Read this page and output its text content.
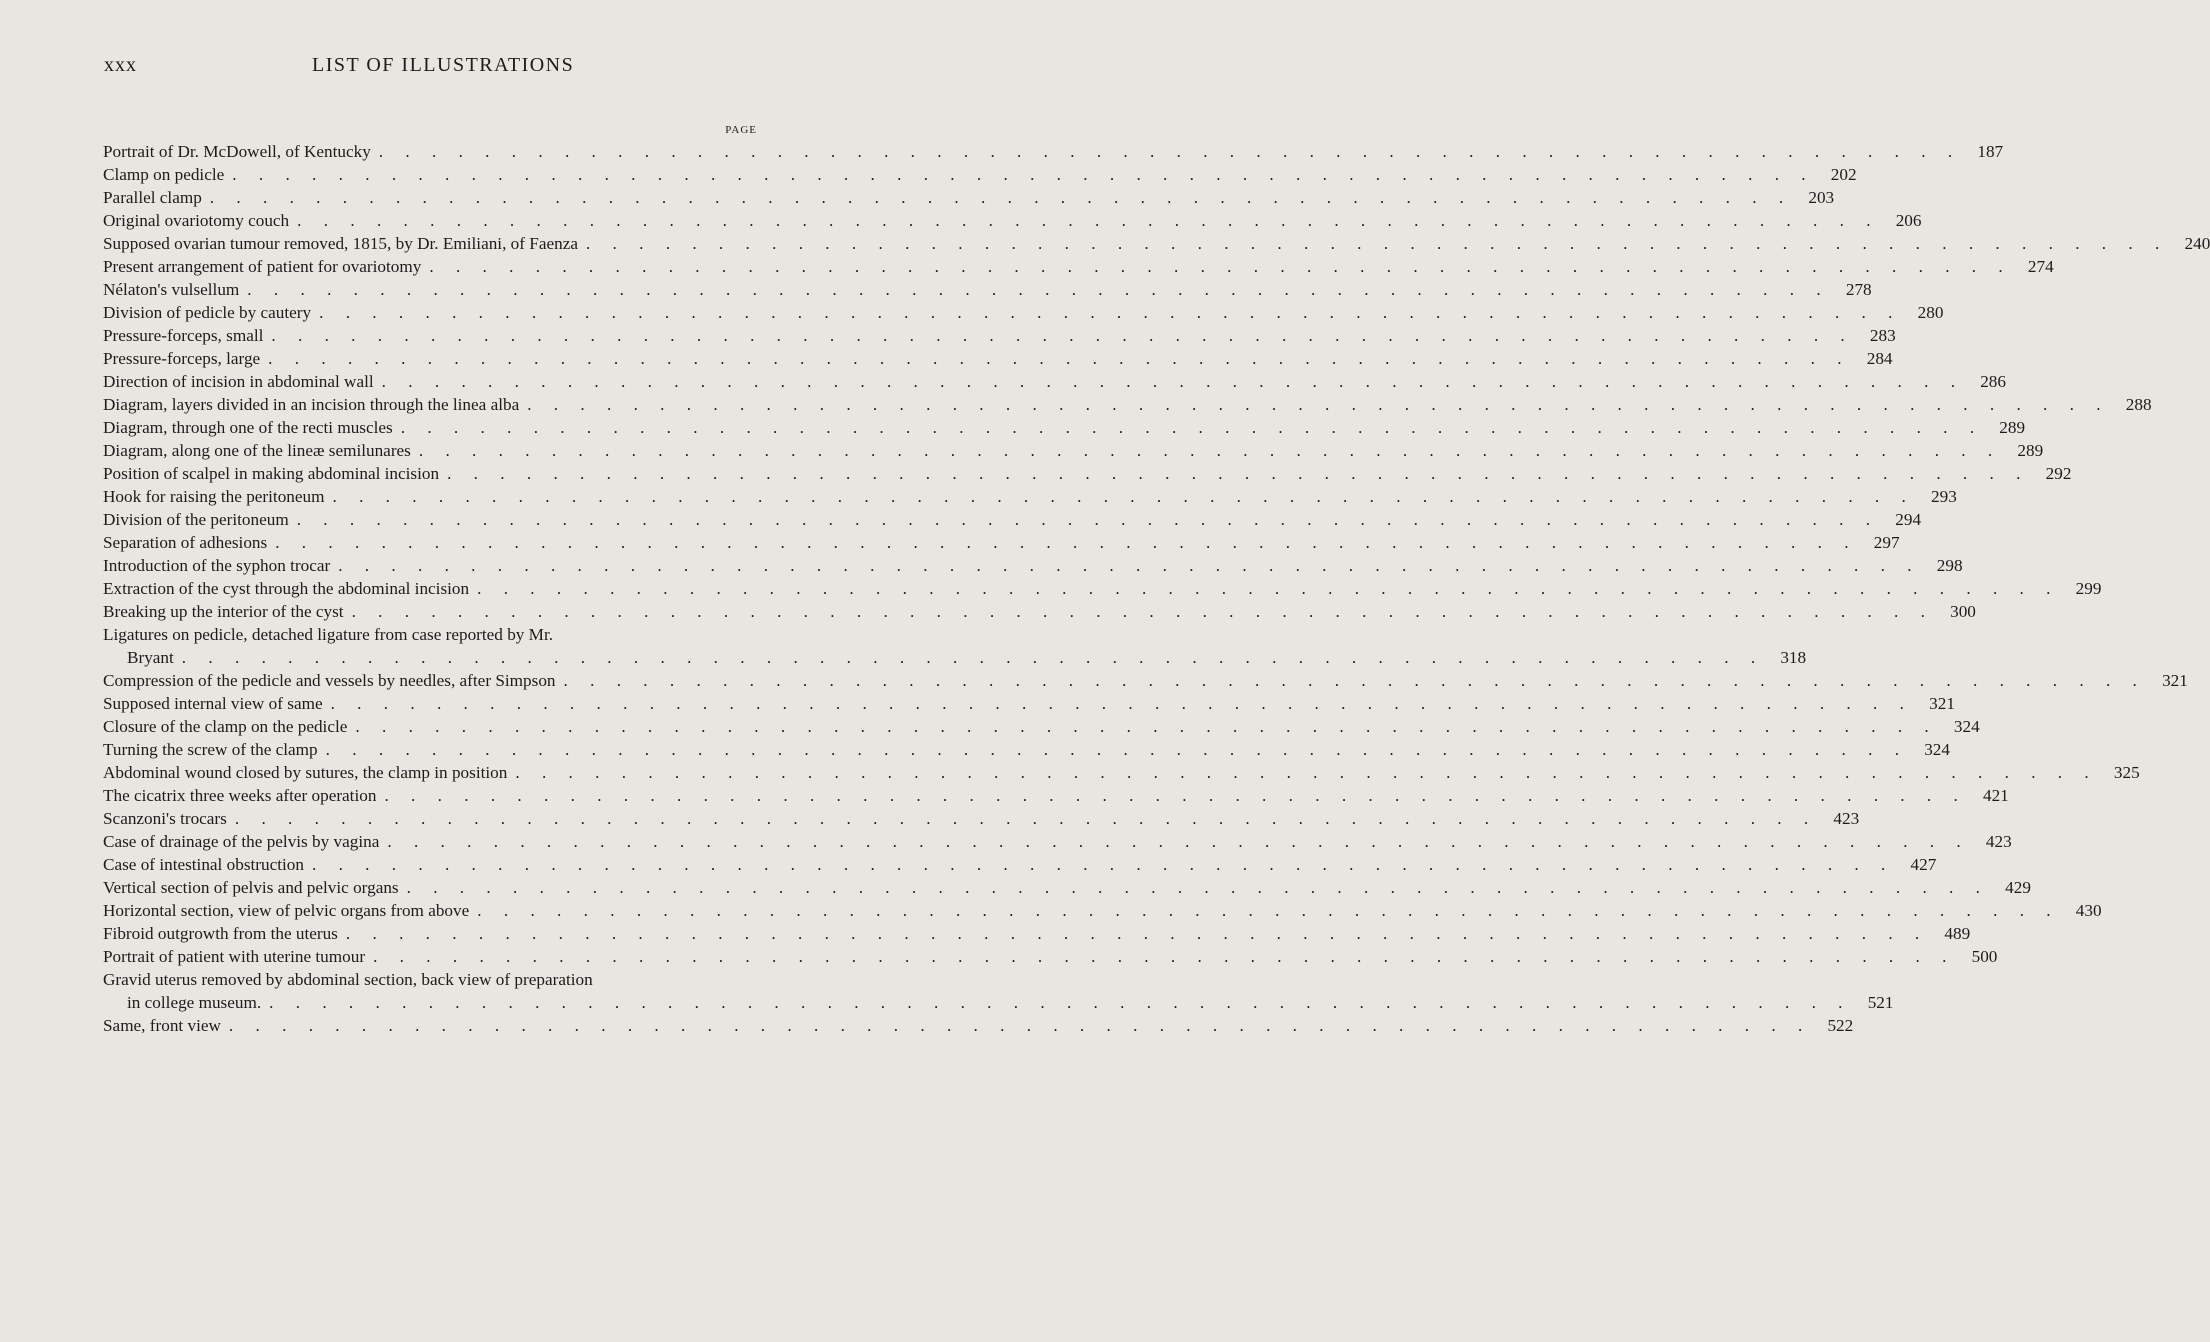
xxx	LIST OF ILLUSTRATIONS
PAGE
Portrait of Dr. McDowell, of Kentucky . . . . . . . . . . . . . . . . . . . . . . . . . . . . . . . . . . . . . . . . . . . . . . . . . . . . . . . . . . . . 187
Clamp on pedicle . . . . . . . . . . . . . . . . . . . . . . . . . . . . . . . . . . . . . . . . . . . . . . . . . . . . . . . . . . . . 202
Parallel clamp . . . . . . . . . . . . . . . . . . . . . . . . . . . . . . . . . . . . . . . . . . . . . . . . . . . . . . . . . . . . 203
Original ovariotomy couch . . . . . . . . . . . . . . . . . . . . . . . . . . . . . . . . . . . . . . . . . . . . . . . . . . . . . . . . . . . . 206
Supposed ovarian tumour removed, 1815, by Dr. Emiliani, of Faenza . . . . . . . . . . . . . . . . . . . . . . . . . . . . . . . . . . . . . . . . . . . . . . . . . . . . . . . . . . . . 240
Present arrangement of patient for ovariotomy . . . . . . . . . . . . . . . . . . . . . . . . . . . . . . . . . . . . . . . . . . . . . . . . . . . . . . . . . . . . 274
Nélaton's vulsellum . . . . . . . . . . . . . . . . . . . . . . . . . . . . . . . . . . . . . . . . . . . . . . . . . . . . . . . . . . . . 278
Division of pedicle by cautery . . . . . . . . . . . . . . . . . . . . . . . . . . . . . . . . . . . . . . . . . . . . . . . . . . . . . . . . . . . . 280
Pressure-forceps, small . . . . . . . . . . . . . . . . . . . . . . . . . . . . . . . . . . . . . . . . . . . . . . . . . . . . . . . . . . . . 283
Pressure-forceps, large . . . . . . . . . . . . . . . . . . . . . . . . . . . . . . . . . . . . . . . . . . . . . . . . . . . . . . . . . . . . 284
Direction of incision in abdominal wall . . . . . . . . . . . . . . . . . . . . . . . . . . . . . . . . . . . . . . . . . . . . . . . . . . . . . . . . . . . . 286
Diagram, layers divided in an incision through the linea alba . . . . . . . . . . . . . . . . . . . . . . . . . . . . . . . . . . . . . . . . . . . . . . . . . . . . . . . . . . . . 288
Diagram, through one of the recti muscles . . . . . . . . . . . . . . . . . . . . . . . . . . . . . . . . . . . . . . . . . . . . . . . . . . . . . . . . . . . . 289
Diagram, along one of the lineæ semilunares . . . . . . . . . . . . . . . . . . . . . . . . . . . . . . . . . . . . . . . . . . . . . . . . . . . . . . . . . . . . 289
Position of scalpel in making abdominal incision . . . . . . . . . . . . . . . . . . . . . . . . . . . . . . . . . . . . . . . . . . . . . . . . . . . . . . . . . . . . 292
Hook for raising the peritoneum . . . . . . . . . . . . . . . . . . . . . . . . . . . . . . . . . . . . . . . . . . . . . . . . . . . . . . . . . . . . 293
Division of the peritoneum . . . . . . . . . . . . . . . . . . . . . . . . . . . . . . . . . . . . . . . . . . . . . . . . . . . . . . . . . . . . 294
Separation of adhesions . . . . . . . . . . . . . . . . . . . . . . . . . . . . . . . . . . . . . . . . . . . . . . . . . . . . . . . . . . . . 297
Introduction of the syphon trocar . . . . . . . . . . . . . . . . . . . . . . . . . . . . . . . . . . . . . . . . . . . . . . . . . . . . . . . . . . . . 298
Extraction of the cyst through the abdominal incision . . . . . . . . . . . . . . . . . . . . . . . . . . . . . . . . . . . . . . . . . . . . . . . . . . . . . . . . . . . . 299
Breaking up the interior of the cyst . . . . . . . . . . . . . . . . . . . . . . . . . . . . . . . . . . . . . . . . . . . . . . . . . . . . . . . . . . . . 300
Ligatures on pedicle, detached ligature from case reported by Mr.
Bryant . . . . . . . . . . . . . . . . . . . . . . . . . . . . . . . . . . . . . . . . . . . . . . . . . . . . . . . . . . . . 318
Compression of the pedicle and vessels by needles, after Simpson . . . . . . . . . . . . . . . . . . . . . . . . . . . . . . . . . . . . . . . . . . . . . . . . . . . . . . . . . . . . 321
Supposed internal view of same . . . . . . . . . . . . . . . . . . . . . . . . . . . . . . . . . . . . . . . . . . . . . . . . . . . . . . . . . . . . 321
Closure of the clamp on the pedicle . . . . . . . . . . . . . . . . . . . . . . . . . . . . . . . . . . . . . . . . . . . . . . . . . . . . . . . . . . . . 324
Turning the screw of the clamp . . . . . . . . . . . . . . . . . . . . . . . . . . . . . . . . . . . . . . . . . . . . . . . . . . . . . . . . . . . . 324
Abdominal wound closed by sutures, the clamp in position . . . . . . . . . . . . . . . . . . . . . . . . . . . . . . . . . . . . . . . . . . . . . . . . . . . . . . . . . . . . 325
The cicatrix three weeks after operation . . . . . . . . . . . . . . . . . . . . . . . . . . . . . . . . . . . . . . . . . . . . . . . . . . . . . . . . . . . . 421
Scanzoni's trocars . . . . . . . . . . . . . . . . . . . . . . . . . . . . . . . . . . . . . . . . . . . . . . . . . . . . . . . . . . . . 423
Case of drainage of the pelvis by vagina . . . . . . . . . . . . . . . . . . . . . . . . . . . . . . . . . . . . . . . . . . . . . . . . . . . . . . . . . . . . 423
Case of intestinal obstruction . . . . . . . . . . . . . . . . . . . . . . . . . . . . . . . . . . . . . . . . . . . . . . . . . . . . . . . . . . . . 427
Vertical section of pelvis and pelvic organs . . . . . . . . . . . . . . . . . . . . . . . . . . . . . . . . . . . . . . . . . . . . . . . . . . . . . . . . . . . . 429
Horizontal section, view of pelvic organs from above . . . . . . . . . . . . . . . . . . . . . . . . . . . . . . . . . . . . . . . . . . . . . . . . . . . . . . . . . . . . 430
Fibroid outgrowth from the uterus . . . . . . . . . . . . . . . . . . . . . . . . . . . . . . . . . . . . . . . . . . . . . . . . . . . . . . . . . . . . 489
Portrait of patient with uterine tumour . . . . . . . . . . . . . . . . . . . . . . . . . . . . . . . . . . . . . . . . . . . . . . . . . . . . . . . . . . . . 500
Gravid uterus removed by abdominal section, back view of preparation
in college museum. . . . . . . . . . . . . . . . . . . . . . . . . . . . . . . . . . . . . . . . . . . . . . . . . . . . . . . . . . . . . 521
Same, front view . . . . . . . . . . . . . . . . . . . . . . . . . . . . . . . . . . . . . . . . . . . . . . . . . . . . . . . . . . . . 522
